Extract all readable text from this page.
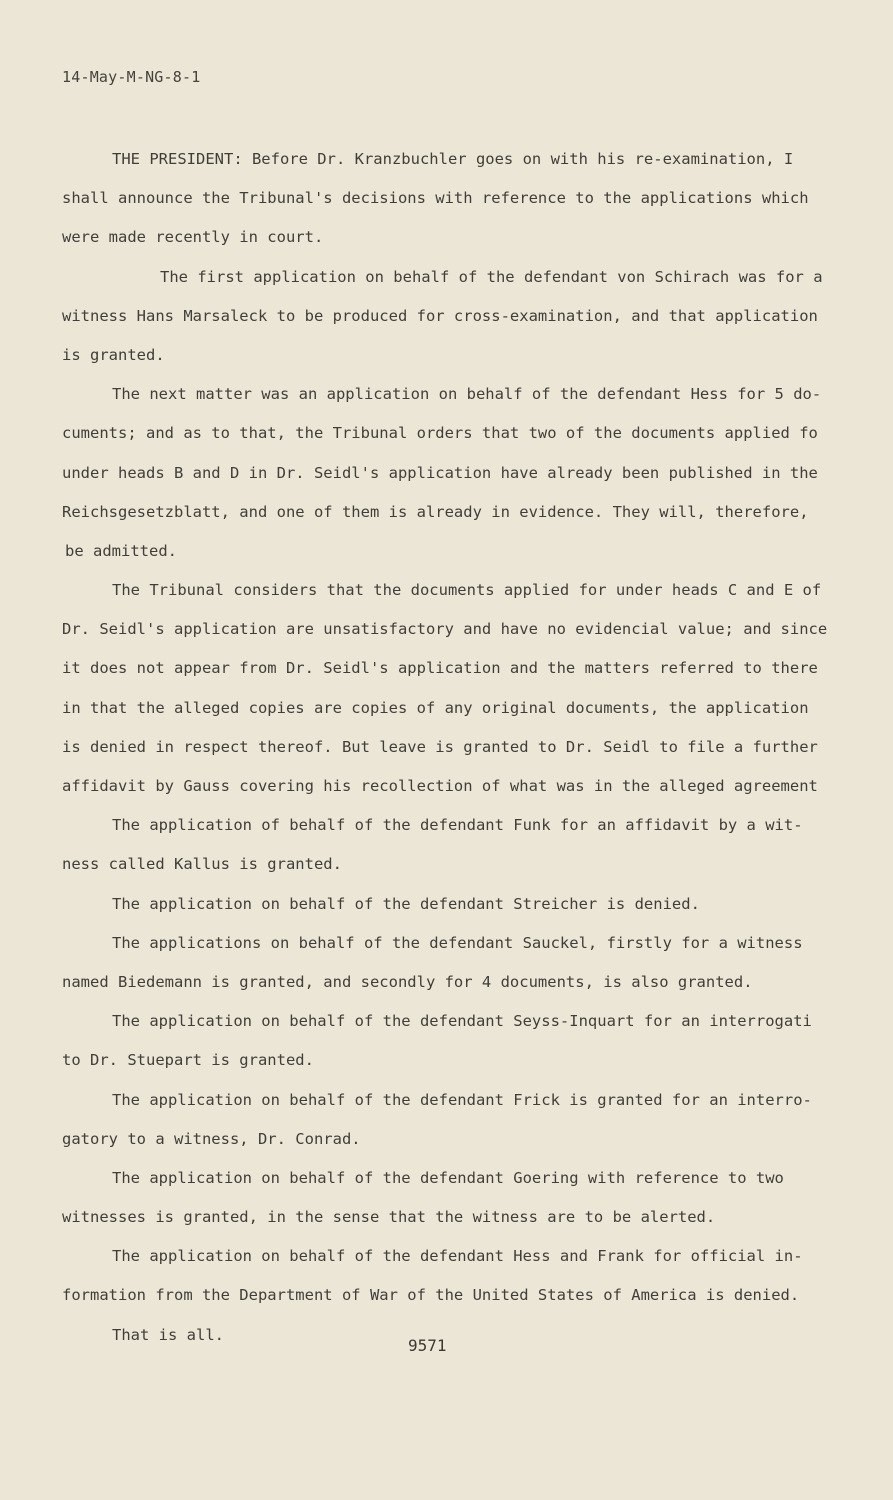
14-May-M-NG-8-1
THE PRESIDENT: Before Dr. Kranzbuchler goes on with his re-examination, I
shall announce the Tribunal's decisions with reference to the applications which
were made recently in court.
The first application on behalf of the defendant von Schirach was for a
witness Hans Marsaleck to be produced for cross-examination, and that application
is granted.
The next matter was an application on behalf of the defendant Hess for 5 do-
cuments; and as to that, the Tribunal orders that two of the documents applied fo
under heads B and D in Dr. Seidl's application have already been published in the
Reichsgesetzblatt, and one of them is already in evidence. They will, therefore,
be admitted.
The Tribunal considers that the documents applied for under heads C and E of
Dr. Seidl's application are unsatisfactory and have no evidencial value; and since
it does not appear from Dr. Seidl's application and the matters referred to there
in that the alleged copies are copies of any original documents, the application
is denied in respect thereof. But leave is granted to Dr. Seidl to file a further
affidavit by Gauss covering his recollection of what was in the alleged agreement
The application of behalf of the defendant Funk for an affidavit by a wit-
ness called Kallus is granted.
The application on behalf of the defendant Streicher is denied.
The applications on behalf of the defendant Sauckel, firstly for a witness
named Biedemann is granted, and secondly for 4 documents, is also granted.
The application on behalf of the defendant Seyss-Inquart for an interrogati
to Dr. Stuepart is granted.
The application on behalf of the defendant Frick is granted for an interro-
gatory to a witness, Dr. Conrad.
The application on behalf of the defendant Goering with reference to two
witnesses is granted, in the sense that the witness are to be alerted.
The application on behalf of the defendant Hess and Frank for official in-
formation from the Department of War of the United States of America is denied.
That is all.
9571
